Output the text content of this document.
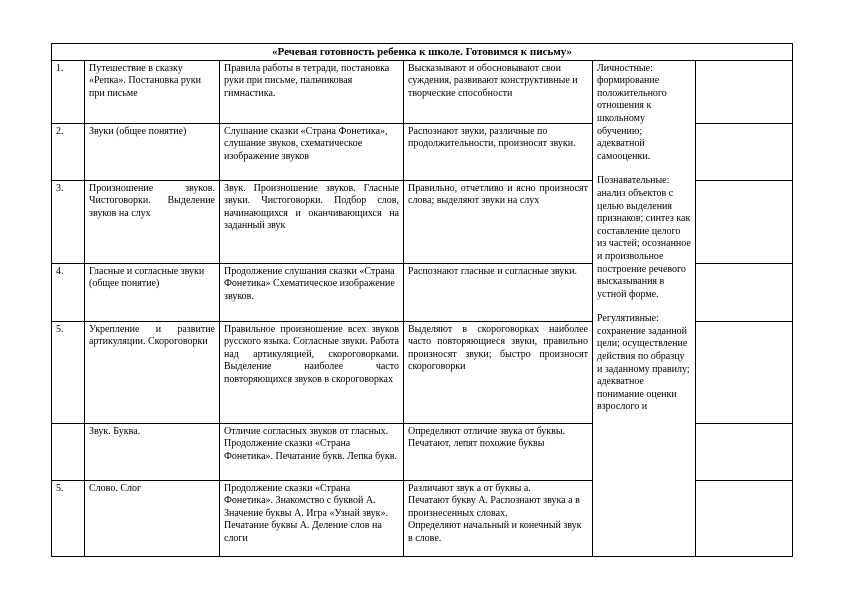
«Речевая готовность ребенка к школе. Готовимся к письму»					
1.	Путешествие в сказку «Репка». Постановка руки при письме	Правила работы в тетради, постановка руки при письме, пальчиковая гимнастика.	Высказывают и обосновывают свои суждения, развивают конструктивные и творческие способности	Личностные: формирование положительного отношения к школьному обучению; адекватной самооценки.
Познавательные: анализ объектов с целью выделения признаков; синтез как составление целого из частей; осознанное и произвольное построение речевого высказывания в устной форме.
Регулятивные: сохранение заданной цели; осуществление действия по образцу и заданному правилу; адекватное понимание оценки взрослого и	

2.	Звуки (общее понятие)	Слушание сказки «Страна Фонетика», слушание звуков, схематическое изображение звуков	Распознают звуки, различные по продолжительности, произносят звуки.		
3.	Произношение звуков. Чистоговорки. Выделение звуков на слух	Звук. Произношение звуков. Гласные звуки. Чистоговорки. Подбор слов, начинающихся и оканчивающихся на заданный звук	Правильно, отчетливо и ясно произносят слова; выделяют звуки на слух		
4.	Гласные и согласные звуки (общее понятие)	Продолжение слушания сказки «Страна Фонетика» Схематическое изображение звуков.	Распознают гласные и согласные звуки.		
5.	Укрепление и развитие артикуляции. Скороговорки	Правильное произношение всех звуков русского языка. Согласные звуки. Работа над артикуляцией, скороговорками. Выделение наиболее часто повторяющихся звуков в скороговорках	Выделяют в скороговорках наиболее часто повторяющиеся звуки, правильно произносят звуки; быстро произносят скороговорки		
	Звук. Буква.	Отличие согласных звуков от гласных. Продолжение сказки «Страна Фонетика». Печатание букв. Лепка букв.	Определяют отличие звука от буквы.
Печатают, лепят похожие буквы		

5.	Слово. Слог	Продолжение сказки «Страна Фонетика». Знакомство с буквой А. Значение буквы А. Игра «Узнай звук». Печатание буквы А. Деление слов на слоги	Различают звук а от буквы а.
Печатают букву А. Распознают звука а в произнесенных словах.
Определяют начальный и конечный звук в слове.		
